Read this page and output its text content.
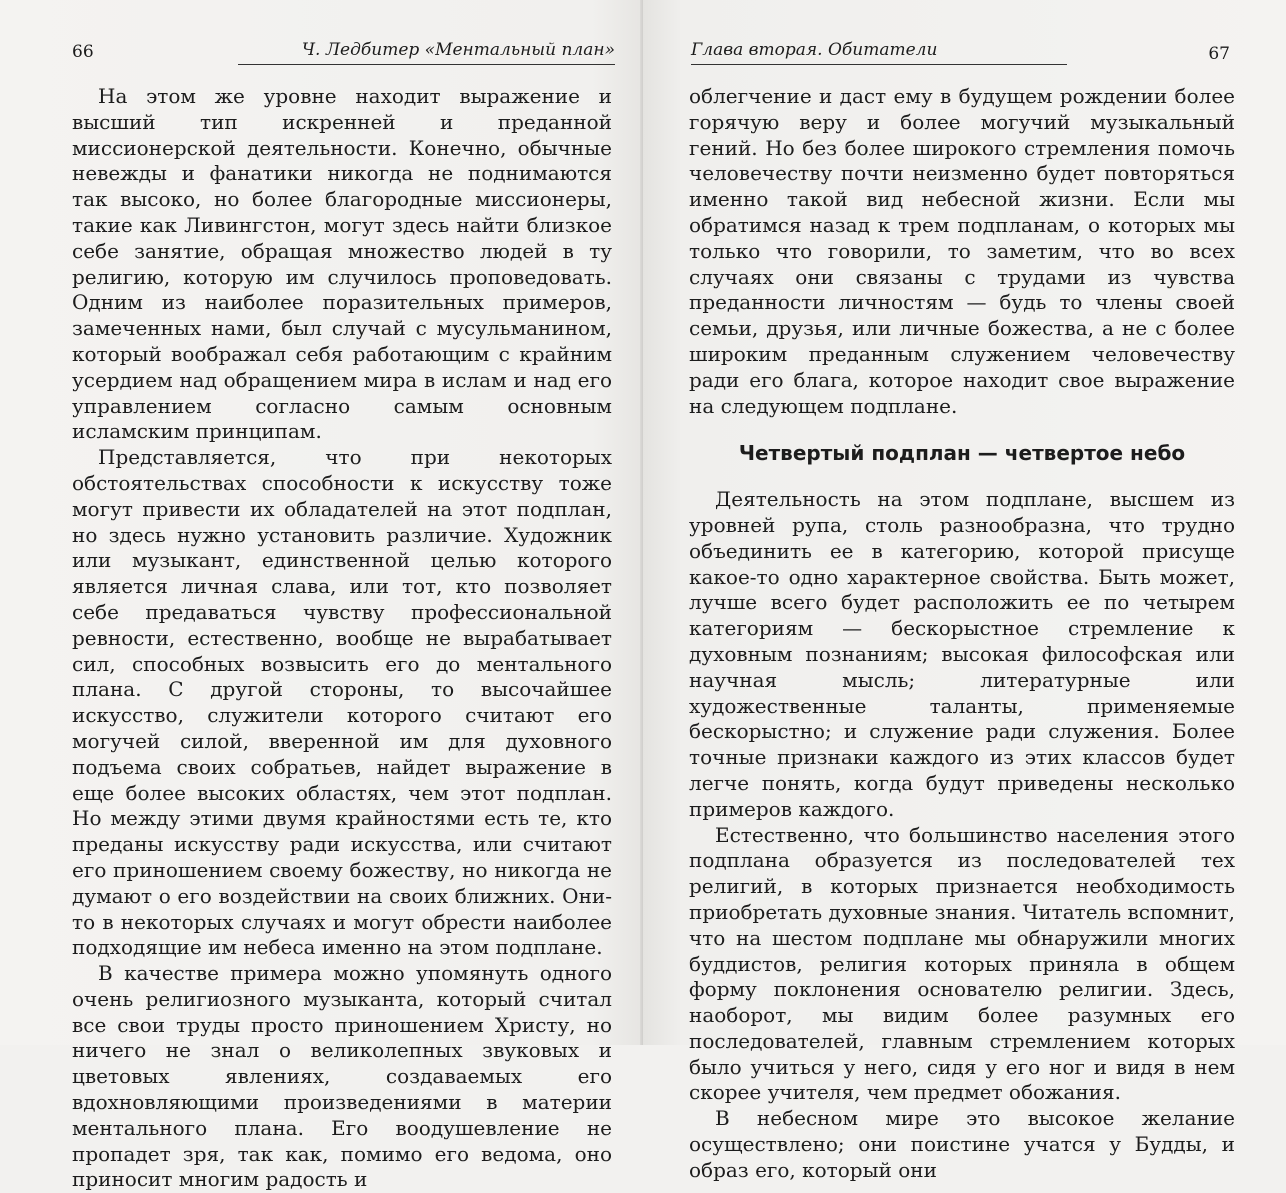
66	Ч. Ледбитер «Ментальный план»

На этом же уровне находит выражение и высший тип искренней и преданной миссионерской деятельности. Конечно, обычные невежды и фанатики никогда не поднимаются так высоко, но более благородные миссионеры, такие как Ливингстон, могут здесь найти близкое себе занятие, обращая множество людей в ту религию, которую им случилось проповедовать. Одним из наиболее поразительных примеров, замеченных нами, был случай с мусульманином, который воображал себя работающим с крайним усердием над обращением мира в ислам и над его управлением согласно самым основным исламским принципам.

Представляется, что при некоторых обстоятельствах способности к искусству тоже могут привести их обладателей на этот подплан, но здесь нужно установить различие. Художник или музыкант, единственной целью которого является личная слава, или тот, кто позволяет себе предаваться чувству профессиональной ревности, естественно, вообще не вырабатывает сил, способных возвысить его до ментального плана. С другой стороны, то высочайшее искусство, служители которого считают его могучей силой, вверенной им для духовного подъема своих собратьев, найдет выражение в еще более высоких областях, чем этот подплан. Но между этими двумя крайностями есть те, кто преданы искусству ради искусства, или считают его приношением своему божеству, но никогда не думают о его воздействии на своих ближних. Они-то в некоторых случаях и могут обрести наиболее подходящие им небеса именно на этом подплане.

В качестве примера можно упомянуть одного очень религиозного музыканта, который считал все свои труды просто приношением Христу, но ничего не знал о великолепных звуковых и цветовых явлениях, создаваемых его вдохновляющими произведениями в материи ментального плана. Его воодушевление не пропадет зря, так как, помимо его ведома, оно приносит многим радость и

Глава вторая. Обитатели	67

облегчение и даст ему в будущем рождении более горячую веру и более могучий музыкальный гений. Но без более широкого стремления помочь человечеству почти неизменно будет повторяться именно такой вид небесной жизни. Если мы обратимся назад к трем подпланам, о которых мы только что говорили, то заметим, что во всех случаях они связаны с трудами из чувства преданности личностям — будь то члены своей семьи, друзья, или личные божества, а не с более широким преданным служением человечеству ради его блага, которое находит свое выражение на следующем подплане.

Четвертый подплан — четвертое небо

Деятельность на этом подплане, высшем из уровней рупа, столь разнообразна, что трудно объединить ее в категорию, которой присуще какое-то одно характерное свойства. Быть может, лучше всего будет расположить ее по четырем категориям — бескорыстное стремление к духовным познаниям; высокая философская или научная мысль; литературные или художественные таланты, применяемые бескорыстно; и служение ради служения. Более точные признаки каждого из этих классов будет легче понять, когда будут приведены несколько примеров каждого.

Естественно, что большинство населения этого подплана образуется из последователей тех религий, в которых признается необходимость приобретать духовные знания. Читатель вспомнит, что на шестом подплане мы обнаружили многих буддистов, религия которых приняла в общем форму поклонения основателю религии. Здесь, наоборот, мы видим более разумных его последователей, главным стремлением которых было учиться у него, сидя у его ног и видя в нем скорее учителя, чем предмет обожания.

В небесном мире это высокое желание осуществлено; они поистине учатся у Будды, и образ его, который они
